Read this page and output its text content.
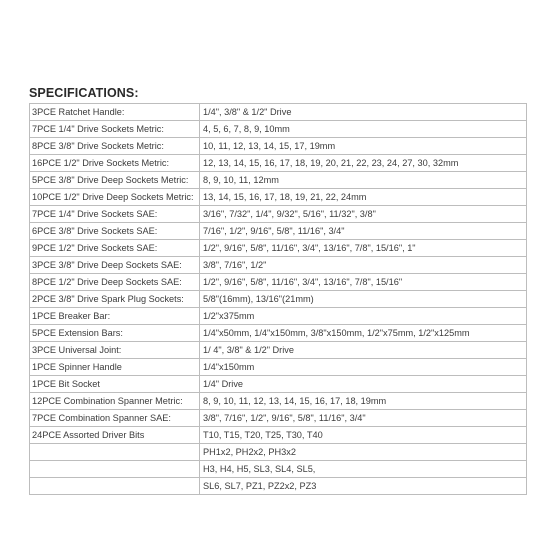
SPECIFICATIONS:
3PCE Ratchet Handle:	1/4", 3/8" & 1/2" Drive
7PCE 1/4" Drive Sockets Metric:	4, 5, 6, 7, 8, 9, 10mm
8PCE 3/8" Drive Sockets Metric:	10, 11, 12, 13, 14, 15, 17, 19mm
16PCE 1/2" Drive Sockets Metric:	12, 13, 14, 15, 16, 17, 18, 19, 20, 21, 22, 23, 24, 27, 30, 32mm
5PCE 3/8" Drive Deep Sockets Metric:	8, 9, 10, 11, 12mm
10PCE 1/2" Drive Deep Sockets Metric:	13, 14, 15, 16, 17, 18, 19, 21, 22, 24mm
7PCE 1/4" Drive Sockets SAE:	3/16", 7/32", 1/4", 9/32", 5/16", 11/32", 3/8"
6PCE 3/8" Drive Sockets SAE:	7/16", 1/2", 9/16", 5/8", 11/16", 3/4"
9PCE 1/2" Drive Sockets SAE:	1/2", 9/16", 5/8", 11/16", 3/4", 13/16", 7/8", 15/16", 1"
3PCE 3/8" Drive Deep Sockets SAE:	3/8", 7/16", 1/2"
8PCE 1/2" Drive Deep Sockets SAE:	1/2", 9/16", 5/8", 11/16", 3/4", 13/16", 7/8", 15/16"
2PCE 3/8" Drive Spark Plug Sockets:	5/8"(16mm), 13/16"(21mm)
1PCE Breaker Bar:	1/2"x375mm
5PCE Extension Bars:	1/4"x50mm, 1/4"x150mm, 3/8"x150mm, 1/2"x75mm, 1/2"x125mm
3PCE Universal Joint:	1/ 4", 3/8" & 1/2" Drive
1PCE Spinner Handle	1/4"x150mm
1PCE Bit Socket	1/4" Drive
12PCE Combination Spanner Metric:	8, 9, 10, 11, 12, 13, 14, 15, 16, 17, 18, 19mm
7PCE Combination Spanner SAE:	3/8", 7/16", 1/2", 9/16", 5/8", 11/16", 3/4"
24PCE Assorted Driver Bits	T10, T15, T20, T25, T30, T40
	PH1x2, PH2x2, PH3x2
	H3, H4, H5, SL3, SL4, SL5,
	SL6, SL7, PZ1, PZ2x2, PZ3
